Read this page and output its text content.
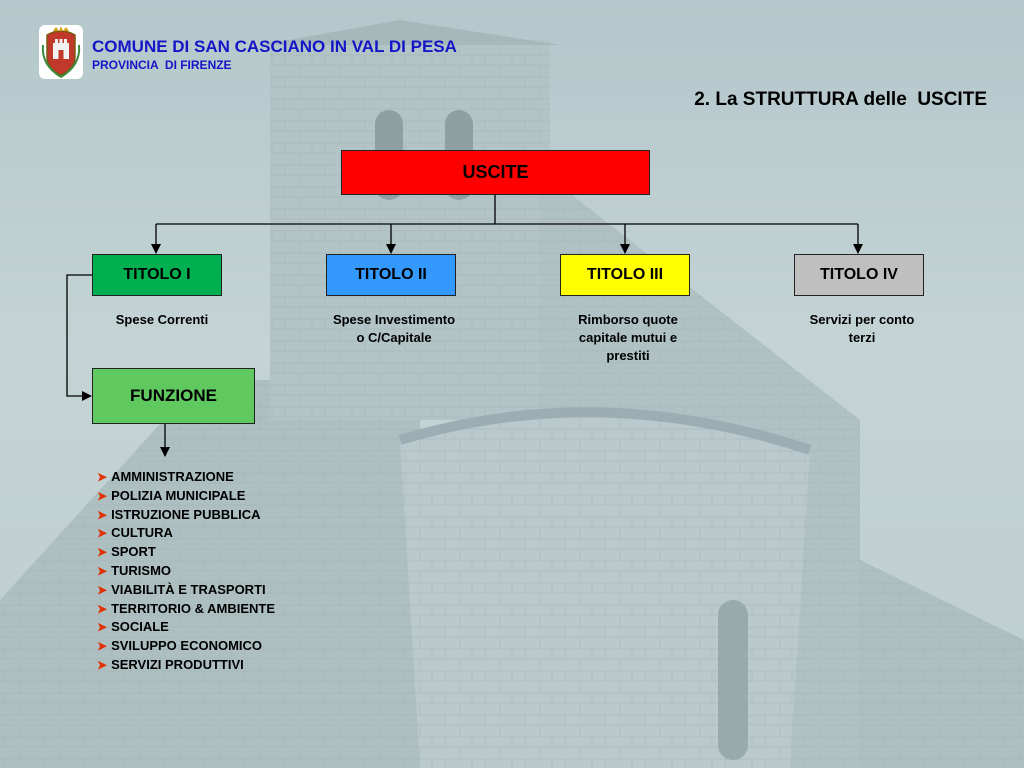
COMUNE DI SAN CASCIANO IN VAL DI PESA
PROVINCIA  DI FIRENZE
2. La STRUTTURA delle  USCITE
USCITE
TITOLO I	TITOLO II	TITOLO III	TITOLO IV
Spese Correnti	Spese Investimento
o C/Capitale
Rimborso quote
capitale mutui e
prestiti
Servizi per conto
terzi
FUNZIONE
➤ AMMINISTRAZIONE
➤ POLIZIA MUNICIPALE
➤ ISTRUZIONE PUBBLICA
➤ CULTURA
➤ SPORT
➤ TURISMO
➤ VIABILITÀ E TRASPORTI
➤ TERRITORIO & AMBIENTE
➤ SOCIALE
➤ SVILUPPO ECONOMICO
➤ SERVIZI PRODUTTIVI
